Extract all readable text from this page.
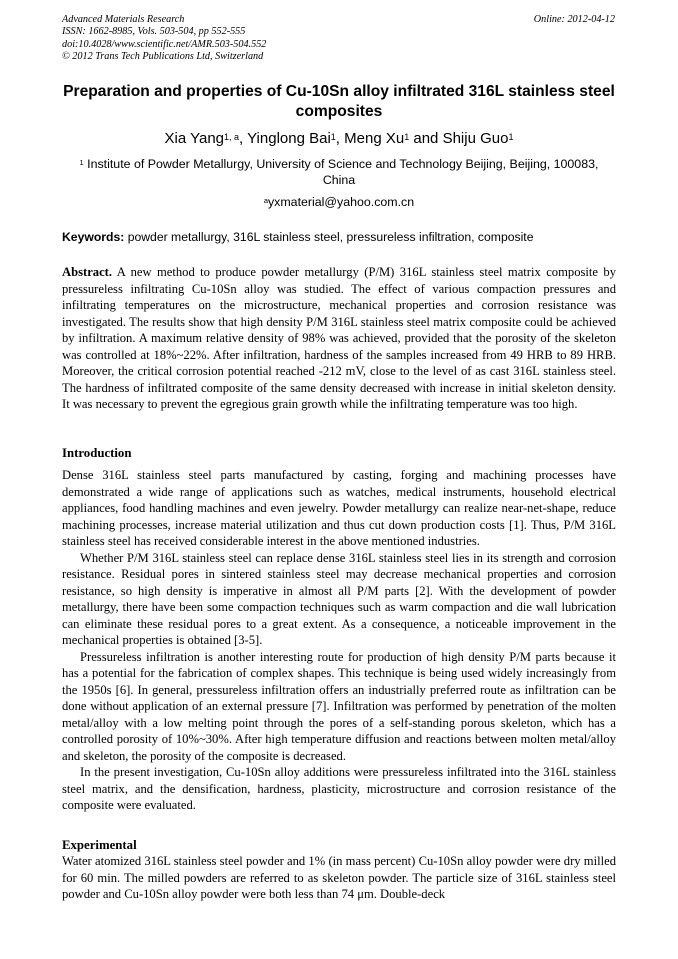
Advanced Materials Research
ISSN: 1662-8985, Vols. 503-504, pp 552-555
doi:10.4028/www.scientific.net/AMR.503-504.552
© 2012 Trans Tech Publications Ltd, Switzerland
Online: 2012-04-12
Preparation and properties of Cu-10Sn alloy infiltrated 316L stainless steel composites
Xia Yang$^{1, a}$, Yinglong Bai$^1$, Meng Xu$^1$ and Shiju Guo$^1$
$^1$ Institute of Powder Metallurgy, University of Science and Technology Beijing, Beijing, 100083, China
$^a$yxmaterial@yahoo.com.cn
Keywords: powder metallurgy, 316L stainless steel, pressureless infiltration, composite

Abstract. A new method to produce powder metallurgy (P/M) 316L stainless steel matrix composite by pressureless infiltrating Cu-10Sn alloy was studied. The effect of various compaction pressures and infiltrating temperatures on the microstructure, mechanical properties and corrosion resistance was investigated. The results show that high density P/M 316L stainless steel matrix composite could be achieved by infiltration. A maximum relative density of 98% was achieved, provided that the porosity of the skeleton was controlled at 18%~22%. After infiltration, hardness of the samples increased from 49 HRB to 89 HRB. Moreover, the critical corrosion potential reached -212 mV, close to the level of as cast 316L stainless steel. The hardness of infiltrated composite of the same density decreased with increase in initial skeleton density. It was necessary to prevent the egregious grain growth while the infiltrating temperature was too high.

Introduction

Dense 316L stainless steel parts manufactured by casting, forging and machining processes have demonstrated a wide range of applications such as watches, medical instruments, household electrical appliances, food handling machines and even jewelry. Powder metallurgy can realize near-net-shape, reduce machining processes, increase material utilization and thus cut down production costs [1]. Thus, P/M 316L stainless steel has received considerable interest in the above mentioned industries.

Whether P/M 316L stainless steel can replace dense 316L stainless steel lies in its strength and corrosion resistance. Residual pores in sintered stainless steel may decrease mechanical properties and corrosion resistance, so high density is imperative in almost all P/M parts [2]. With the development of powder metallurgy, there have been some compaction techniques such as warm compaction and die wall lubrication can eliminate these residual pores to a great extent. As a consequence, a noticeable improvement in the mechanical properties is obtained [3-5].

Pressureless infiltration is another interesting route for production of high density P/M parts because it has a potential for the fabrication of complex shapes. This technique is being used widely increasingly from the 1950s [6]. In general, pressureless infiltration offers an industrially preferred route as infiltration can be done without application of an external pressure [7]. Infiltration was performed by penetration of the molten metal/alloy with a low melting point through the pores of a self-standing porous skeleton, which has a controlled porosity of 10%~30%. After high temperature diffusion and reactions between molten metal/alloy and skeleton, the porosity of the composite is decreased.

In the present investigation, Cu-10Sn alloy additions were pressureless infiltrated into the 316L stainless steel matrix, and the densification, hardness, plasticity, microstructure and corrosion resistance of the composite were evaluated.

Experimental

Water atomized 316L stainless steel powder and 1% (in mass percent) Cu-10Sn alloy powder were dry milled for 60 min. The milled powders are referred to as skeleton powder. The particle size of 316L stainless steel powder and Cu-10Sn alloy powder were both less than 74 μm. Double-deck
